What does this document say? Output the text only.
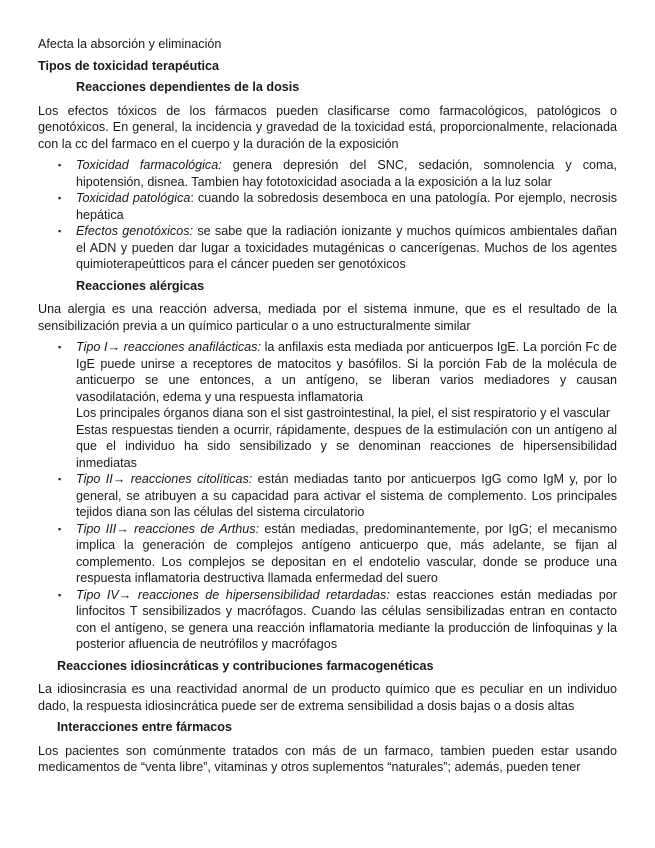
Afecta la absorción y eliminación

Tipos de toxicidad terapéutica

Reacciones dependientes de la dosis

Los efectos tóxicos de los fármacos pueden clasificarse como farmacológicos, patológicos o genotóxicos. En general, la incidencia y gravedad de la toxicidad está, proporcionalmente, relacionada con la cc del farmaco en el cuerpo y la duración de la exposición

▪ Toxicidad farmacológica: genera depresión del SNC, sedación, somnolencia y coma, hipotensión, disnea. Tambien hay fototoxicidad asociada a la exposición a la luz solar
▪ Toxicidad patológica: cuando la sobredosis desemboca en una patología. Por ejemplo, necrosis hepática
▪ Efectos genotóxicos: se sabe que la radiación ionizante y muchos químicos ambientales dañan el ADN y pueden dar lugar a toxicidades mutagénicas o cancerígenas. Muchos de los agentes quimioterapeútticos para el cáncer pueden ser genotóxicos

Reacciones alérgicas

Una alergia es una reacción adversa, mediada por el sistema inmune, que es el resultado de la sensibilización previa a un químico particular o a uno estructuralmente similar

▪ Tipo I→ reacciones anafilácticas: la anfilaxis esta mediada por anticuerpos IgE. La porción Fc de IgE puede unirse a receptores de matocitos y basófilos. Si la porción Fab de la molécula de anticuerpo se une entonces, a un antígeno, se liberan varios mediadores y causan vasodilatación, edema y una respuesta inflamatoria

Los principales órganos diana son el sist gastrointestinal, la piel, el sist respiratorio y el vascular

Estas respuestas tienden a ocurrir, rápidamente, despues de la estimulación con un antígeno al que el individuo ha sido sensibilizado y se denominan reacciones de hipersensibilidad inmediatas

▪ Tipo II→ reacciones citolíticas: están mediadas tanto por anticuerpos IgG como IgM y, por lo general, se atribuyen a su capacidad para activar el sistema de complemento. Los principales tejidos diana son las células del sistema circulatorio
▪ Tipo III→ reacciones de Arthus: están mediadas, predominantemente, por IgG; el mecanismo implica la generación de complejos antígeno anticuerpo que, más adelante, se fijan al complemento. Los complejos se depositan en el endotelio vascular, donde se produce una respuesta inflamatoria destructiva llamada enfermedad del suero
▪ Tipo IV→ reacciones de hipersensibilidad retardadas: estas reacciones están mediadas por linfocitos T sensibilizados y macrófagos. Cuando las células sensibilizadas entran en contacto con el antígeno, se genera una reacción inflamatoria mediante la producción de linfoquinas y la posterior afluencia de neutrófilos y macrófagos

Reacciones idiosincráticas y contribuciones farmacogenéticas

La idiosincrasia es una reactividad anormal de un producto químico que es peculiar en un individuo dado, la respuesta idiosincrática puede ser de extrema sensibilidad a dosis bajas o a dosis altas

Interacciones entre fármacos

Los pacientes son comúnmente tratados con más de un farmaco, tambien pueden estar usando medicamentos de “venta libre”, vitaminas y otros suplementos “naturales”; además, pueden tener
